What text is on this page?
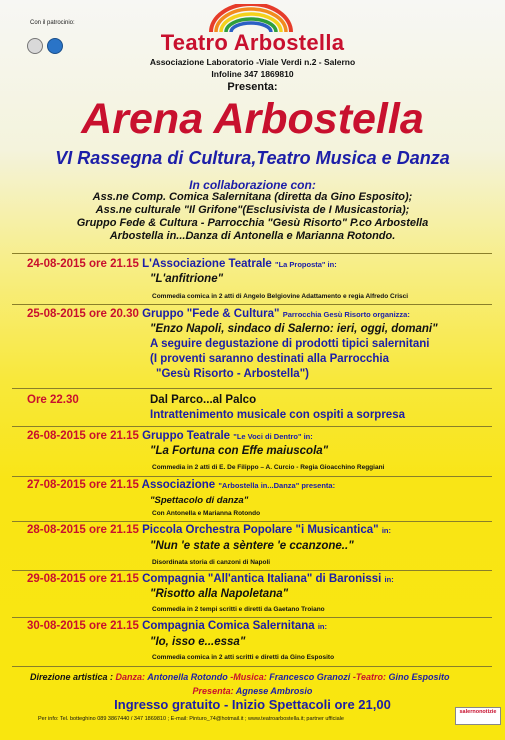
Con il patrocinio:
Teatro Arbostella
Associazione Laboratorio -Viale Verdi n.2 - Salerno
Infoline 347 1869810
Presenta:
Arena Arbostella
VI Rassegna di Cultura,Teatro Musica e Danza
In collaborazione con:
Ass.ne Comp. Comica Salernitana (diretta da Gino Esposito);
Ass.ne culturale "Il Grifone"(Esclusivista de I Musicastoria);
Gruppo Fede & Cultura - Parrocchia "Gesù Risorto" P.co Arbostella
Arbostella in...Danza di Antonella e Marianna Rotondo.
24-08-2015 ore 21.15 L'Associazione Teatrale "La Proposta" in:
"L'anfitrione"
Commedia comica in 2 atti di Angelo Belgiovine Adattamento e regia Alfredo Crisci
25-08-2015 ore 20.30 Gruppo "Fede & Cultura" Parrocchia Gesù Risorto organizza:
"Enzo Napoli, sindaco di Salerno: ieri, oggi, domani"
A seguire degustazione di prodotti tipici salernitani
(I proventi saranno destinati alla Parrocchia
"Gesù Risorto - Arbostella")
Ore 22.30	Dal Parco...al Palco
Intrattenimento musicale con ospiti a sorpresa
26-08-2015 ore 21.15 Gruppo Teatrale "Le Voci di Dentro" in:
"La Fortuna con Effe maiuscola"
Commedia in 2 atti di E. De Filippo – A. Curcio - Regia Gioacchino Reggiani
27-08-2015 ore 21.15 Associazione "Arbostella in...Danza" presenta:
"Spettacolo di danza"
Con Antonella e Marianna Rotondo
28-08-2015 ore 21.15 Piccola Orchestra Popolare "i Musicantica" in:
"Nun 'e state a sèntere 'e ccanzone.."
Disordinata storia di canzoni di Napoli
29-08-2015 ore 21.15 Compagnia "All'antica Italiana" di Baronissi in:
"Risotto alla Napoletana"
Commedia in 2 tempi scritti e diretti da Gaetano Troiano
30-08-2015 ore 21.15 Compagnia Comica Salernitana in:
"Io, isso e...essa"
Commedia comica in 2 atti scritti e diretti da Gino Esposito
Direzione artistica : Danza: Antonella Rotondo -Musica: Francesco Granozi -Teatro: Gino Esposito
Presenta: Agnese Ambrosio
Ingresso gratuito - Inizio Spettacoli ore 21,00
Per info: Tel. botteghino 089 3867440 / 347 1869810 ; E-mail: Pinturo_74@hotmail.it ; www.teatroarbostella.it; partner ufficiale
salernonotizie
